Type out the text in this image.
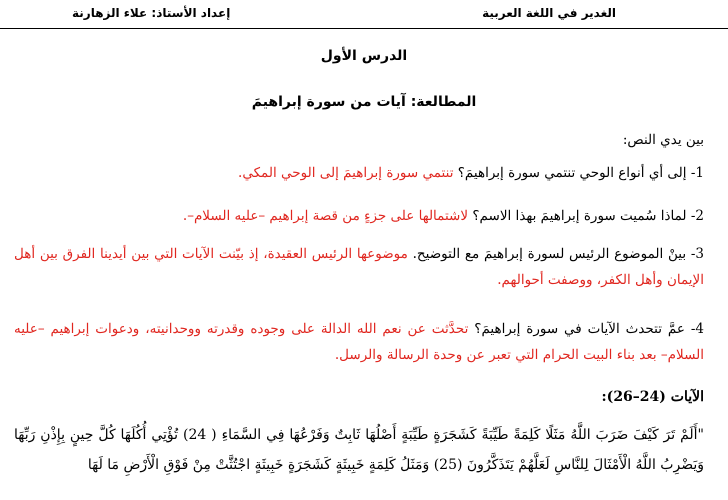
الغدير في اللغة العربية
إعداد الأستاذ: علاء الزهارنة
الدرس الأول
المطالعة: آيات من سورة إبراهيمَ
بين يدي النص:
1- إلى أي أنواع الوحي تنتمي سورة إبراهيمَ؟ تنتمي سورة إبراهيمَ إلى الوحي المكي.
2- لماذا سُميت سورة إبراهيمَ بهذا الاسم؟ لاشتمالها على جزءٍ من قصة إبراهيم –عليه السلام–.
3- بينْ الموضوع الرئيس لسورة إبراهيمَ مع التوضيح. موضوعها الرئيس العقيدة، إذ بيّنت الآيات التي بين أيدينا الفرق بين أهل الإيمان وأهل الكفر، ووصفت أحوالهم.
4- عمَّ تتحدث الآيات في سورة إبراهيمَ؟ تحدَّثت عن نعم الله الدالة على وجوده وقدرته ووحدانيته، ودعوات إبراهيم –عليه السلام– بعد بناء البيت الحرام التي تعبر عن وحدة الرسالة والرسل.
الآيات (24–26):
"أَلَمْ تَرَ كَيْفَ ضَرَبَ اللَّهُ مَثَلًا كَلِمَةً طَيِّبَةً كَشَجَرَةٍ طَيِّبَةٍ أَصْلُهَا ثَابِتٌ وَفَرْعُهَا فِي السَّمَاءِ ( 24) تُؤْتِي أُكُلَهَا كُلَّ حِينٍ بِإِذْنِ رَبِّهَا وَيَضْرِبُ اللَّهُ الْأَمْثَالَ لِلنَّاسِ لَعَلَّهُمْ يَتَذَكَّرُونَ (25) وَمَثَلُ كَلِمَةٍ خَبِيثَةٍ كَشَجَرَةٍ خَبِيثَةٍ اجْتُثَّتْ مِنْ فَوْقِ الْأَرْضِ مَا لَهَا
